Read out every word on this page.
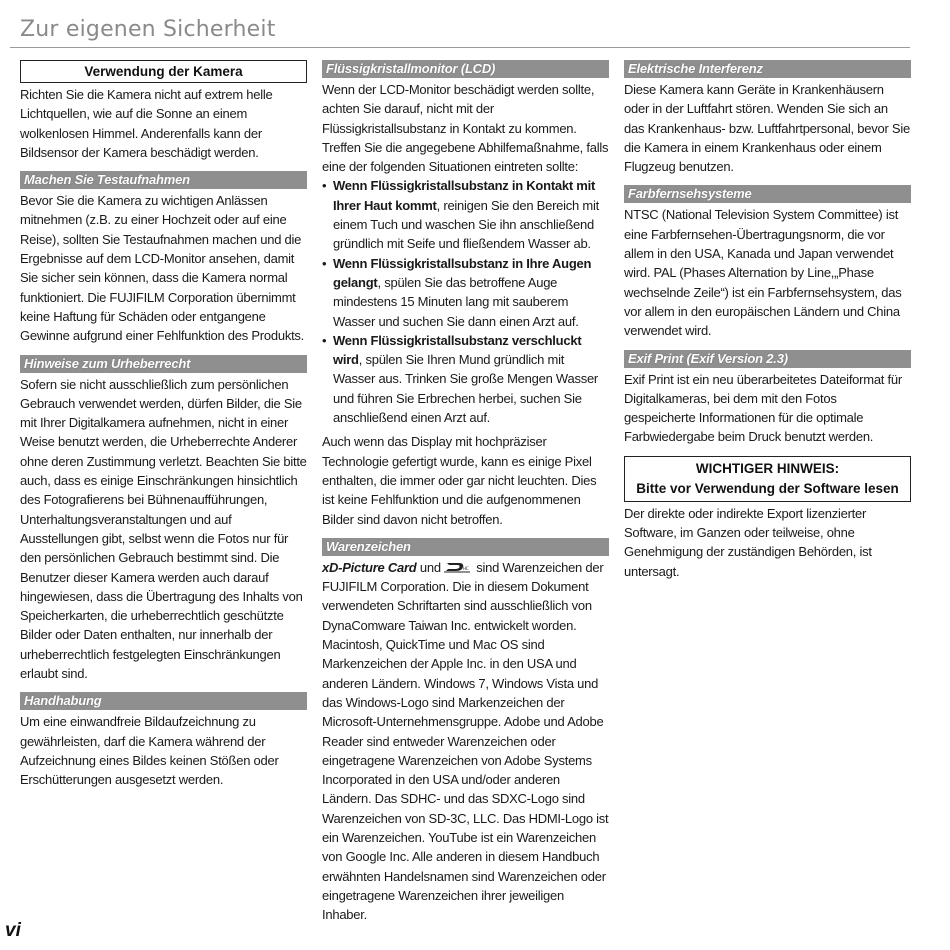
Zur eigenen Sicherheit
Verwendung der Kamera

Richten Sie die Kamera nicht auf extrem helle Lichtquellen, wie auf die Sonne an einem wolkenlosen Himmel. Anderenfalls kann der Bildsensor der Kamera beschädigt werden.

Machen Sie Testaufnahmen

Bevor Sie die Kamera zu wichtigen Anlässen mitnehmen (z.B. zu einer Hochzeit oder auf eine Reise), sollten Sie Testaufnahmen machen und die Ergebnisse auf dem LCD-Monitor ansehen, damit Sie sicher sein können, dass die Kamera normal funktioniert. Die FUJIFILM Corporation übernimmt keine Haftung für Schäden oder entgangene Gewinne aufgrund einer Fehlfunktion des Produkts.

Hinweise zum Urheberrecht

Sofern sie nicht ausschließlich zum persönlichen Gebrauch verwendet werden, dürfen Bilder, die Sie mit Ihrer Digitalkamera aufnehmen, nicht in einer Weise benutzt werden, die Urheberrechte Anderer ohne deren Zustimmung verletzt. Beachten Sie bitte auch, dass es einige Einschränkungen hinsichtlich des Fotografierens bei Bühnenaufführungen, Unterhaltungsveranstaltungen und auf Ausstellungen gibt, selbst wenn die Fotos nur für den persönlichen Gebrauch bestimmt sind. Die Benutzer dieser Kamera werden auch darauf hingewiesen, dass die Übertragung des Inhalts von Speicherkarten, die urheberrechtlich geschützte Bilder oder Daten enthalten, nur innerhalb der urheberrechtlich festgelegten Einschränkungen erlaubt sind.

Handhabung

Um eine einwandfreie Bildaufzeichnung zu gewährleisten, darf die Kamera während der Aufzeichnung eines Bildes keinen Stößen oder Erschütterungen ausgesetzt werden.

Flüssigkristallmonitor (LCD)

Wenn der LCD-Monitor beschädigt werden sollte, achten Sie darauf, nicht mit der Flüssigkristallsubstanz in Kontakt zu kommen. Treffen Sie die angegebene Abhilfemaßnahme, falls eine der folgenden Situationen eintreten sollte:

• Wenn Flüssigkristallsubstanz in Kontakt mit Ihrer Haut kommt, reinigen Sie den Bereich mit einem Tuch und waschen Sie ihn anschließend gründlich mit Seife und fließendem Wasser ab.
• Wenn Flüssigkristallsubstanz in Ihre Augen gelangt, spülen Sie das betroffene Auge mindestens 15 Minuten lang mit sauberem Wasser und suchen Sie dann einen Arzt auf.
• Wenn Flüssigkristallsubstanz verschluckt wird, spülen Sie Ihren Mund gründlich mit Wasser aus. Trinken Sie große Mengen Wasser und führen Sie Erbrechen herbei, suchen Sie anschließend einen Arzt auf.

Auch wenn das Display mit hochpräziser Technologie gefertigt wurde, kann es einige Pixel enthalten, die immer oder gar nicht leuchten. Dies ist keine Fehlfunktion und die aufgenommenen Bilder sind davon nicht betroffen.

Warenzeichen

xD-Picture Card und	HC sind Warenzeichen der FUJIFILM Corporation. Die in diesem Dokument verwendeten Schriftarten sind ausschließlich von DynaComware Taiwan Inc. entwickelt worden. Macintosh, QuickTime und Mac OS sind Markenzeichen der Apple Inc. in den USA und anderen Ländern. Windows 7, Windows Vista und das Windows-Logo sind Markenzeichen der Microsoft-Unternehmensgruppe. Adobe und Adobe Reader sind entweder Warenzeichen oder eingetragene Warenzeichen von Adobe Systems Incorporated in den USA und/oder anderen Ländern. Das SDHC- und das SDXC-Logo sind Warenzeichen von SD-3C, LLC. Das HDMI-Logo ist ein Warenzeichen. YouTube ist ein Warenzeichen von Google Inc. Alle anderen in diesem Handbuch erwähnten Handelsnamen sind Warenzeichen oder eingetragene Warenzeichen ihrer jeweiligen Inhaber.

Elektrische Interferenz

Diese Kamera kann Geräte in Krankenhäusern oder in der Luftfahrt stören. Wenden Sie sich an das Krankenhaus- bzw. Luftfahrtpersonal, bevor Sie die Kamera in einem Krankenhaus oder einem Flugzeug benutzen.

Farbfernsehsysteme

NTSC (National Television System Committee) ist eine Farbfernsehen-Übertragungsnorm, die vor allem in den USA, Kanada und Japan verwendet wird. PAL (Phases Alternation by Line,„Phase wechselnde Zeile“) ist ein Farbfernsehsystem, das vor allem in den europäischen Ländern und China verwendet wird.

Exif Print (Exif Version 2.3)

Exif Print ist ein neu überarbeitetes Dateiformat für Digitalkameras, bei dem mit den Fotos gespeicherte Informationen für die optimale Farbwiedergabe beim Druck benutzt werden.

WICHTIGER HINWEIS:
Bitte vor Verwendung der Software lesen

Der direkte oder indirekte Export lizenzierter Software, im Ganzen oder teilweise, ohne Genehmigung der zuständigen Behörden, ist untersagt.

vi
